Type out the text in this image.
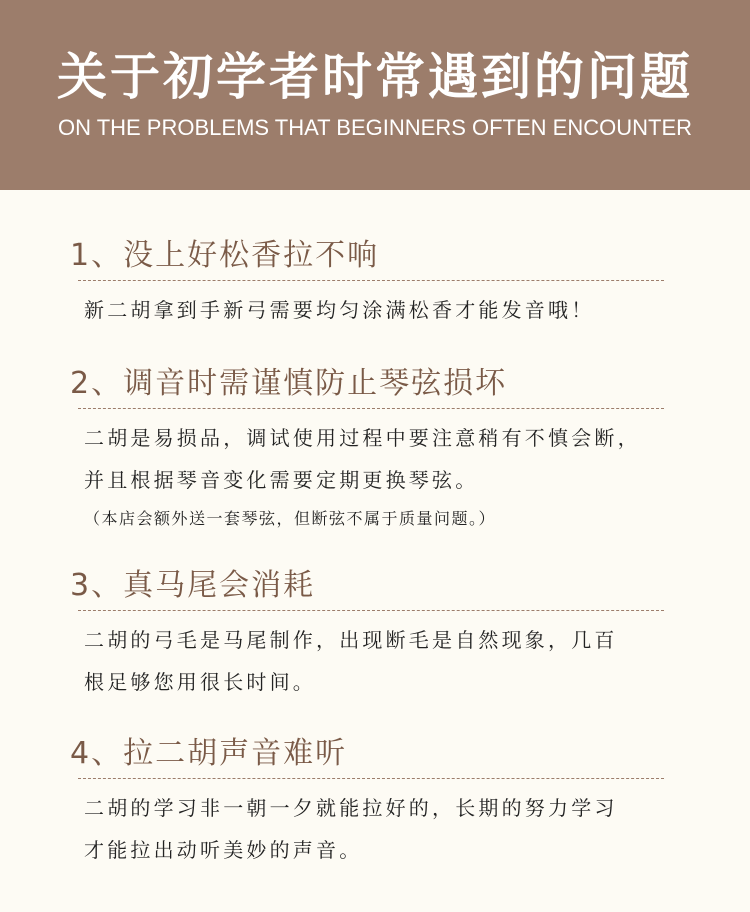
关于初学者时常遇到的问题
ON THE PROBLEMS THAT BEGINNERS OFTEN ENCOUNTER
1、没上好松香拉不响
新二胡拿到手新弓需要均匀涂满松香才能发音哦！
2、调音时需谨慎防止琴弦损坏
二胡是易损品，调试使用过程中要注意稍有不慎会断，
并且根据琴音变化需要定期更换琴弦。
（本店会额外送一套琴弦，但断弦不属于质量问题。）
3、真马尾会消耗
二胡的弓毛是马尾制作，出现断毛是自然现象，几百
根足够您用很长时间。
4、拉二胡声音难听
二胡的学习非一朝一夕就能拉好的，长期的努力学习
才能拉出动听美妙的声音。
